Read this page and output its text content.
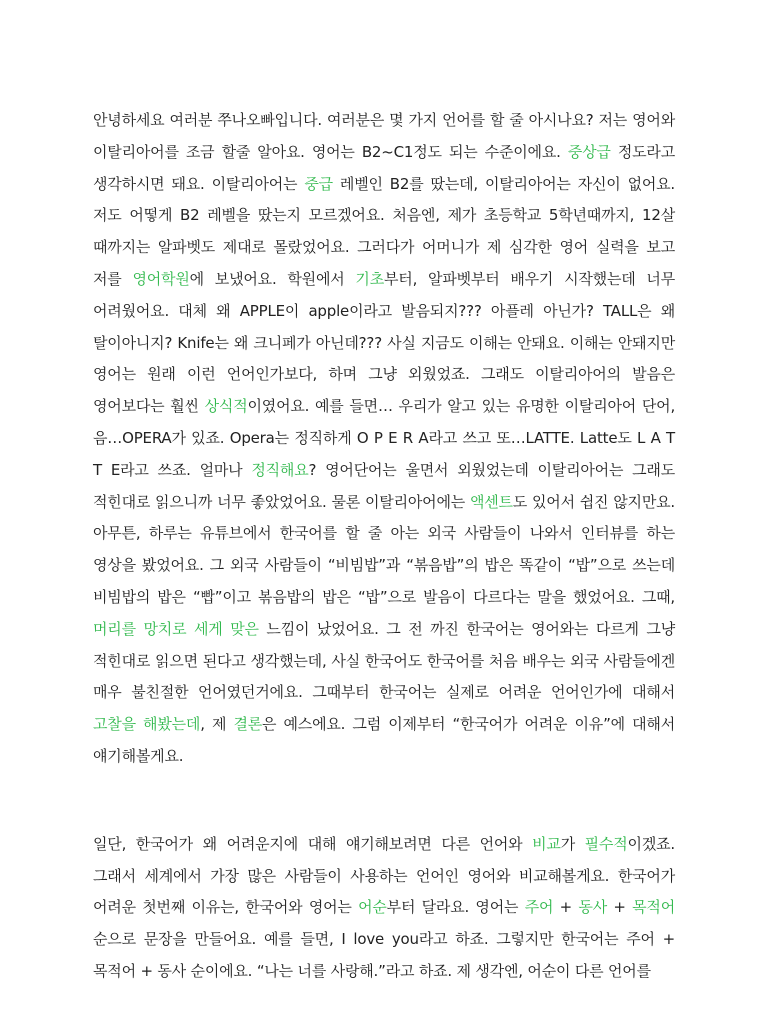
안녕하세요 여러분 쭈나오빠입니다. 여러분은 몇 가지 언어를 할 줄 아시나요? 저는 영어와 이탈리아어를 조금 할줄 알아요. 영어는 B2~C1정도 되는 수준이에요. 중상급 정도라고 생각하시면 돼요. 이탈리아어는 중급 레벨인 B2를 땄는데, 이탈리아어는 자신이 없어요. 저도 어떻게 B2 레벨을 땄는지 모르겠어요. 처음엔, 제가 초등학교 5학년때까지, 12살 때까지는 알파벳도 제대로 몰랐었어요. 그러다가 어머니가 제 심각한 영어 실력을 보고 저를 영어학원에 보냈어요. 학원에서 기초부터, 알파벳부터 배우기 시작했는데 너무 어려웠어요. 대체 왜 APPLE이 apple이라고 발음되지??? 아플레 아닌가? TALL은 왜 탈이아니지? Knife는 왜 크니페가 아닌데??? 사실 지금도 이해는 안돼요. 이해는 안돼지만 영어는 원래 이런 언어인가보다, 하며 그냥 외웠었죠. 그래도 이탈리아어의 발음은 영어보다는 훨씬 상식적이였어요. 예를 들면… 우리가 알고 있는 유명한 이탈리아어 단어, 음…OPERA가 있죠. Opera는 정직하게 O P E R A라고 쓰고 또…LATTE. Latte도 L A T T E라고 쓰죠. 얼마나 정직해요? 영어단어는 울면서 외웠었는데 이탈리아어는 그래도 적힌대로 읽으니까 너무 좋았었어요. 물론 이탈리아어에는 액센트도 있어서 쉽진 않지만요. 아무튼, 하루는 유튜브에서 한국어를 할 줄 아는 외국 사람들이 나와서 인터뷰를 하는 영상을 봤었어요. 그 외국 사람들이 “비빔밥”과 “볶음밥”의 밥은 똑같이 “밥”으로 쓰는데 비빔밥의 밥은 “빱”이고 볶음밥의 밥은 “밥”으로 발음이 다르다는 말을 했었어요. 그때, 머리를 망치로 세게 맞은 느낌이 났었어요. 그 전 까진 한국어는 영어와는 다르게 그냥 적힌대로 읽으면 된다고 생각했는데, 사실 한국어도 한국어를 처음 배우는 외국 사람들에겐 매우 불친절한 언어였던거에요. 그때부터 한국어는 실제로 어려운 언어인가에 대해서 고찰을 해봤는데, 제 결론은 예스에요. 그럼 이제부터 “한국어가 어려운 이유”에 대해서 얘기해볼게요.

일단, 한국어가 왜 어려운지에 대해 얘기해보려면 다른 언어와 비교가 필수적이겠죠. 그래서 세계에서 가장 많은 사람들이 사용하는 언어인 영어와 비교해볼게요. 한국어가 어려운 첫번째 이유는, 한국어와 영어는 어순부터 달라요. 영어는 주어 + 동사 + 목적어 순으로 문장을 만들어요. 예를 들면, I love you라고 하죠. 그렇지만 한국어는 주어 + 목적어 + 동사 순이에요. “나는 너를 사랑해.”라고 하죠. 제 생각엔, 어순이 다른 언어를
